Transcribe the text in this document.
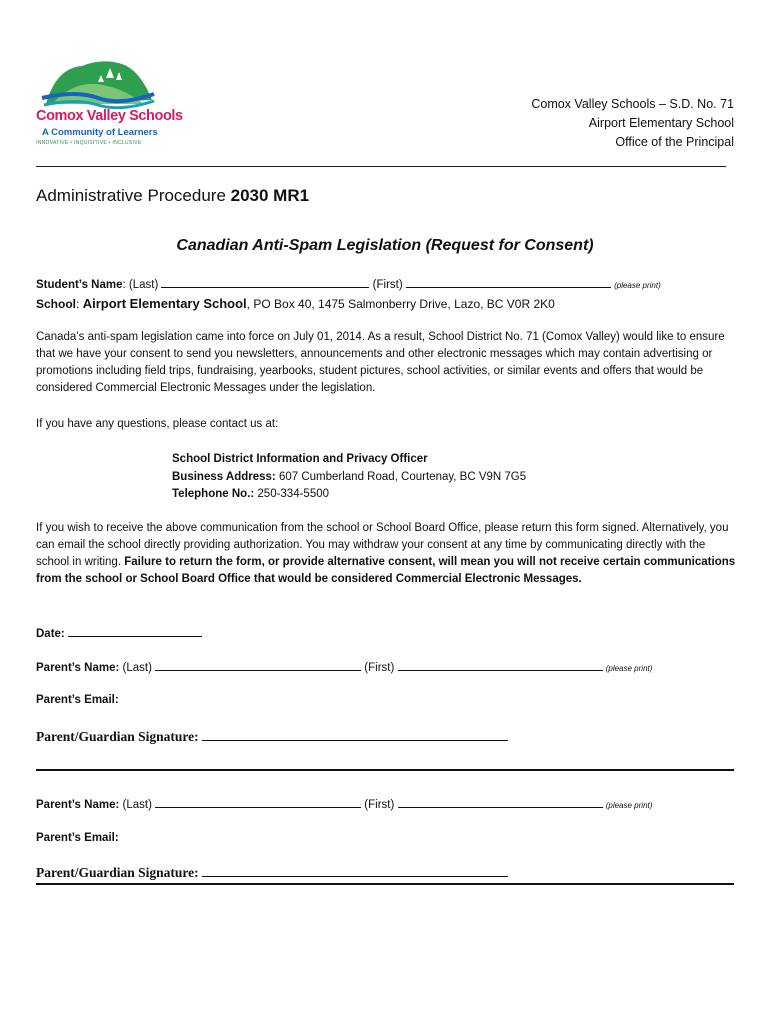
Comox Valley Schools
A Community of Learners
INNOVATIVE • INQUISITIVE • INCLUSIVE
Comox Valley Schools – S.D. No. 71
Airport Elementary School
Office of the Principal
Administrative Procedure 2030 MR1
Canadian Anti-Spam Legislation (Request for Consent)
Student’s Name: (Last)	(First)	(please print)
School: Airport Elementary School, PO Box 40, 1475 Salmonberry Drive, Lazo, BC V0R 2K0
Canada’s anti-spam legislation came into force on July 01, 2014. As a result, School District No. 71 (Comox Valley) would like to ensure that we have your consent to send you newsletters, announcements and other electronic messages which may contain advertising or promotions including field trips, fundraising, yearbooks, student pictures, school activities, or similar events and offers that would be considered Commercial Electronic Messages under the legislation.
If you have any questions, please contact us at:
School District Information and Privacy Officer
Business Address: 607 Cumberland Road, Courtenay, BC V9N 7G5
Telephone No.: 250-334-5500
If you wish to receive the above communication from the school or School Board Office, please return this form signed. Alternatively, you can email the school directly providing authorization. You may withdraw your consent at any time by communicating directly with the school in writing. Failure to return the form, or provide alternative consent, will mean you will not receive certain communications from the school or School Board Office that would be considered Commercial Electronic Messages.
Date:
Parent’s Name: (Last)	(First)	(please print)
Parent’s Email:
Parent/Guardian Signature:
Parent’s Name: (Last)	(First)	(please print)
Parent’s Email:
Parent/Guardian Signature:
